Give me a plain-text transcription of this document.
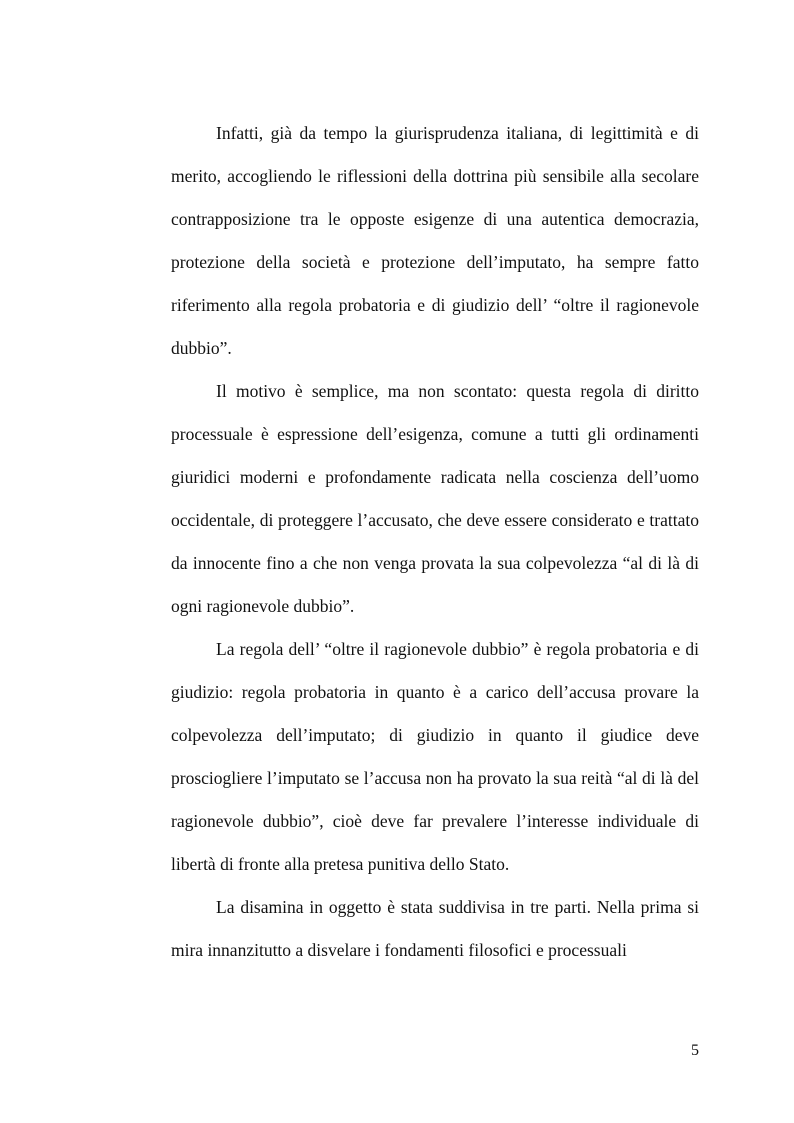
Infatti, già da tempo la giurisprudenza italiana, di legittimità e di merito, accogliendo le riflessioni della dottrina più sensibile alla secolare contrapposizione tra le opposte esigenze di una autentica democrazia, protezione della società e protezione dell’imputato, ha sempre fatto riferimento alla regola probatoria e di giudizio dell’ “oltre il ragionevole dubbio”.

Il motivo è semplice, ma non scontato: questa regola di diritto processuale è espressione dell’esigenza, comune a tutti gli ordinamenti giuridici moderni e profondamente radicata nella coscienza dell’uomo occidentale, di proteggere l’accusato, che deve essere considerato e trattato da innocente fino a che non venga provata la sua colpevolezza “al di là di ogni ragionevole dubbio”.

La regola dell’ “oltre il ragionevole dubbio” è regola probatoria e di giudizio: regola probatoria in quanto è a carico dell’accusa provare la colpevolezza dell’imputato; di giudizio in quanto il giudice deve prosciogliere l’imputato se l’accusa non ha provato la sua reità “al di là del ragionevole dubbio”, cioè deve far prevalere l’interesse individuale di libertà di fronte alla pretesa punitiva dello Stato.

La disamina in oggetto è stata suddivisa in tre parti. Nella prima si mira innanzitutto a disvelare i fondamenti filosofici e processuali

5
